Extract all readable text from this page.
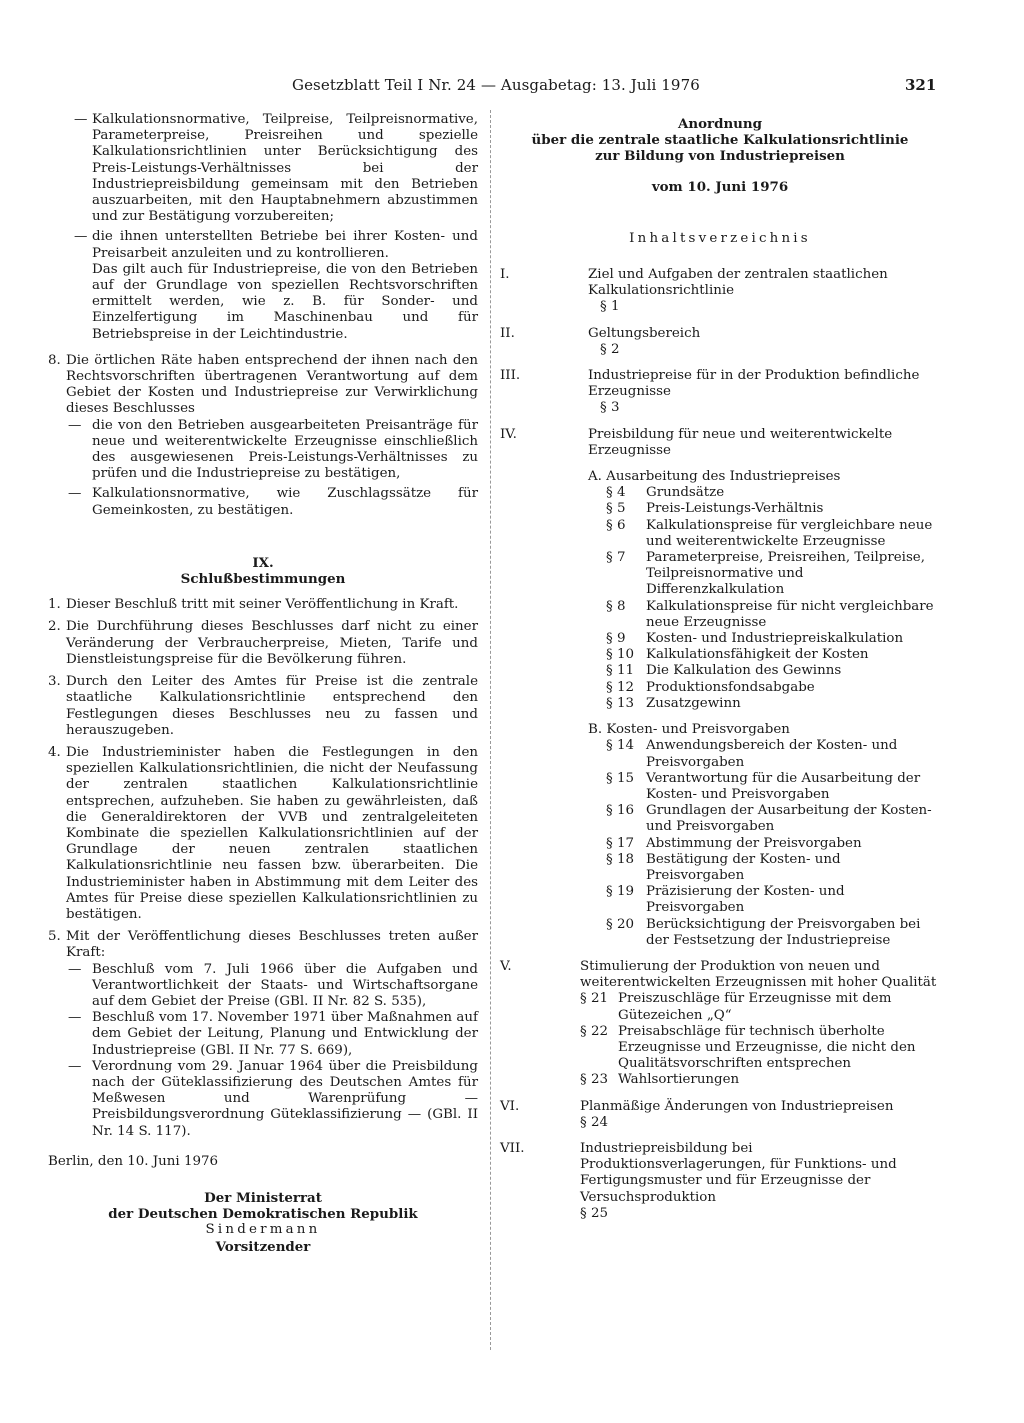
Gesetzblatt Teil I Nr. 24 — Ausgabetag: 13. Juli 1976	321
— Kalkulationsnormative, Teilpreise, Teilpreisnormative, Parameterpreise, Preisreihen und spezielle Kalkulationsrichtlinien unter Berücksichtigung des Preis-Leistungs-Verhältnisses bei der Industriepreisbildung gemeinsam mit den Betrieben auszuarbeiten, mit den Hauptabnehmern abzustimmen und zur Bestätigung vorzubereiten;
— die ihnen unterstellten Betriebe bei ihrer Kosten- und Preisarbeit anzuleiten und zu kontrollieren.

Das gilt auch für Industriepreise, die von den Betrieben auf der Grundlage von speziellen Rechtsvorschriften ermittelt werden, wie z. B. für Sonder- und Einzelfertigung im Maschinenbau und für Betriebspreise in der Leichtindustrie.

8. Die örtlichen Räte haben entsprechend der ihnen nach den Rechtsvorschriften übertragenen Verantwortung auf dem Gebiet der Kosten und Industriepreise zur Verwirklichung dieses Beschlusses

— die von den Betrieben ausgearbeiteten Preisanträge für neue und weiterentwickelte Erzeugnisse einschließlich des ausgewiesenen Preis-Leistungs-Verhältnisses zu prüfen und die Industriepreise zu bestätigen,
— Kalkulationsnormative, wie Zuschlagssätze für Gemeinkosten, zu bestätigen.

IX.

Schlußbestimmungen

1. Dieser Beschluß tritt mit seiner Veröffentlichung in Kraft.

2. Die Durchführung dieses Beschlusses darf nicht zu einer Veränderung der Verbraucherpreise, Mieten, Tarife und Dienstleistungspreise für die Bevölkerung führen.

3. Durch den Leiter des Amtes für Preise ist die zentrale staatliche Kalkulationsrichtlinie entsprechend den Festlegungen dieses Beschlusses neu zu fassen und herauszugeben.

4. Die Industrieminister haben die Festlegungen in den speziellen Kalkulationsrichtlinien, die nicht der Neufassung der zentralen staatlichen Kalkulationsrichtlinie entsprechen, aufzuheben. Sie haben zu gewährleisten, daß die Generaldirektoren der VVB und zentralgeleiteten Kombinate die speziellen Kalkulationsrichtlinien auf der Grundlage der neuen zentralen staatlichen Kalkulationsrichtlinie neu fassen bzw. überarbeiten. Die Industrieminister haben in Abstimmung mit dem Leiter des Amtes für Preise diese speziellen Kalkulationsrichtlinien zu bestätigen.

5. Mit der Veröffentlichung dieses Beschlusses treten außer Kraft:

— Beschluß vom 7. Juli 1966 über die Aufgaben und Verantwortlichkeit der Staats- und Wirtschaftsorgane auf dem Gebiet der Preise (GBl. II Nr. 82 S. 535),
— Beschluß vom 17. November 1971 über Maßnahmen auf dem Gebiet der Leitung, Planung und Entwicklung der Industriepreise (GBl. II Nr. 77 S. 669),
— Verordnung vom 29. Januar 1964 über die Preisbildung nach der Güteklassifizierung des Deutschen Amtes für Meßwesen und Warenprüfung — Preisbildungsverordnung Güteklassifizierung — (GBl. II Nr. 14 S. 117).

Berlin, den 10. Juni 1976

Der Ministerrat

der Deutschen Demokratischen Republik

Sindermann

Vorsitzender

Anordnung

über die zentrale staatliche Kalkulationsrichtlinie

zur Bildung von Industriepreisen

vom 10. Juni 1976

Inhaltsverzeichnis

I.	Ziel und Aufgaben der zentralen staatlichen Kalkulationsrichtlinie

§ 1

II.	Geltungsbereich

§ 2

III.	Industriepreise für in der Produktion befindliche Erzeugnisse

§ 3

IV.	Preisbildung für neue und weiterentwickelte Erzeugnisse

A. Ausarbeitung des Industriepreises

§ 4 Grundsätze
§ 5 Preis-Leistungs-Verhältnis
§ 6 Kalkulationspreise für vergleichbare neue und weiterentwickelte Erzeugnisse
§ 7 Parameterpreise, Preisreihen, Teilpreise, Teilpreisnormative und Differenzkalkulation
§ 8 Kalkulationspreise für nicht vergleichbare neue Erzeugnisse
§ 9 Kosten- und Industriepreiskalkulation
§ 10 Kalkulationsfähigkeit der Kosten
§ 11 Die Kalkulation des Gewinns
§ 12 Produktionsfondsabgabe
§ 13 Zusatzgewinn

B. Kosten- und Preisvorgaben

§ 14 Anwendungsbereich der Kosten- und Preisvorgaben
§ 15 Verantwortung für die Ausarbeitung der Kosten- und Preisvorgaben
§ 16 Grundlagen der Ausarbeitung der Kosten- und Preisvorgaben
§ 17 Abstimmung der Preisvorgaben
§ 18 Bestätigung der Kosten- und Preisvorgaben
§ 19 Präzisierung der Kosten- und Preisvorgaben
§ 20 Berücksichtigung der Preisvorgaben bei der Festsetzung der Industriepreise
V.	Stimulierung der Produktion von neuen und weiterentwickelten Erzeugnissen mit hoher Qualität

§ 21 Preiszuschläge für Erzeugnisse mit dem Gütezeichen „Q“
§ 22 Preisabschläge für technisch überholte Erzeugnisse und Erzeugnisse, die nicht den Qualitätsvorschriften entsprechen
§ 23 Wahlsortierungen
VI.	Planmäßige Änderungen von Industriepreisen

§ 24

VII.	Industriepreisbildung bei Produktionsverlagerungen, für Funktions- und Fertigungsmuster und für Erzeugnisse der Versuchsproduktion

§ 25
